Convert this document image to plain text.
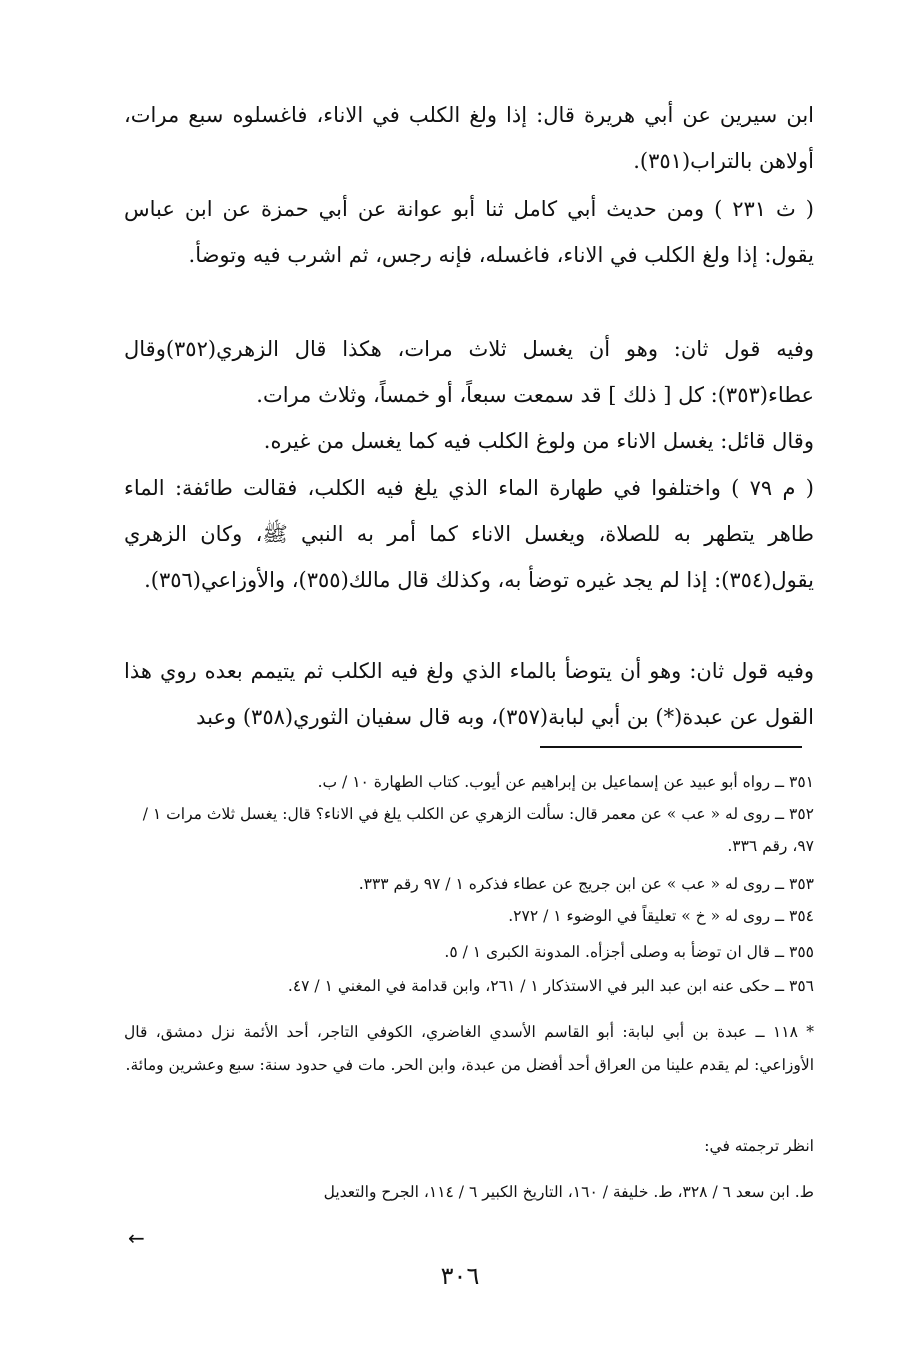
ابن سيرين عن أبي هريرة قال: إذا ولغ الكلب في الاناء، فاغسلوه سبع مرات، أولاهن بالتراب(٣٥١).

( ث ٢٣١ ) ومن حديث أبي كامل ثنا أبو عوانة عن أبي حمزة عن ابن عباس يقول: إذا ولغ الكلب في الاناء، فاغسله، فإنه رجس، ثم اشرب فيه وتوضأ.

وفيه قول ثان: وهو أن يغسل ثلاث مرات، هكذا قال الزهري(٣٥٢)وقال عطاء(٣٥٣): كل [ ذلك ] قد سمعت سبعاً، أو خمساً، وثلاث مرات.

وقال قائل: يغسل الاناء من ولوغ الكلب فيه كما يغسل من غيره.

( م ٧٩ ) واختلفوا في طهارة الماء الذي يلغ فيه الكلب، فقالت طائفة: الماء طاهر يتطهر به للصلاة، ويغسل الاناء كما أمر به النبي ﷺ، وكان الزهري يقول(٣٥٤): إذا لم يجد غيره توضأ به، وكذلك قال مالك(٣٥٥)، والأوزاعي(٣٥٦).

وفيه قول ثان: وهو أن يتوضأ بالماء الذي ولغ فيه الكلب ثم يتيمم بعده روي هذا القول عن عبدة(*) بن أبي لبابة(٣٥٧)، وبه قال سفيان الثوري(٣٥٨) وعبد

٣٥١ ــ رواه أبو عبيد عن إسماعيل بن إبراهيم عن أيوب. كتاب الطهارة ١٠ / ب.

٣٥٢ ــ روى له « عب » عن معمر قال: سألت الزهري عن الكلب يلغ في الاناء؟ قال: يغسل ثلاث مرات ١ / ٩٧، رقم ٣٣٦.

٣٥٣ ــ روى له « عب » عن ابن جريج عن عطاء فذكره ١ / ٩٧ رقم ٣٣٣.

٣٥٤ ــ روى له « خ » تعليقاً في الوضوء ١ / ٢٧٢.

٣٥٥ ــ قال ان توضأ به وصلى أجزأه. المدونة الكبرى ١ / ٥.

٣٥٦ ــ حكى عنه ابن عبد البر في الاستذكار ١ / ٢٦١، وابن قدامة في المغني ١ / ٤٧.

* ١١٨ ــ عبدة بن أبي لبابة: أبو القاسم الأسدي الغاضري، الكوفي التاجر، أحد الأئمة نزل دمشق، قال الأوزاعي: لم يقدم علينا من العراق أحد أفضل من عبدة، وابن الحر. مات في حدود سنة: سبع وعشرين ومائة.

انظر ترجمته في:

ط. ابن سعد ٦ / ٣٢٨، ط. خليفة / ١٦٠، التاريخ الكبير ٦ / ١١٤، الجرح والتعديل

←
٣٠٦
